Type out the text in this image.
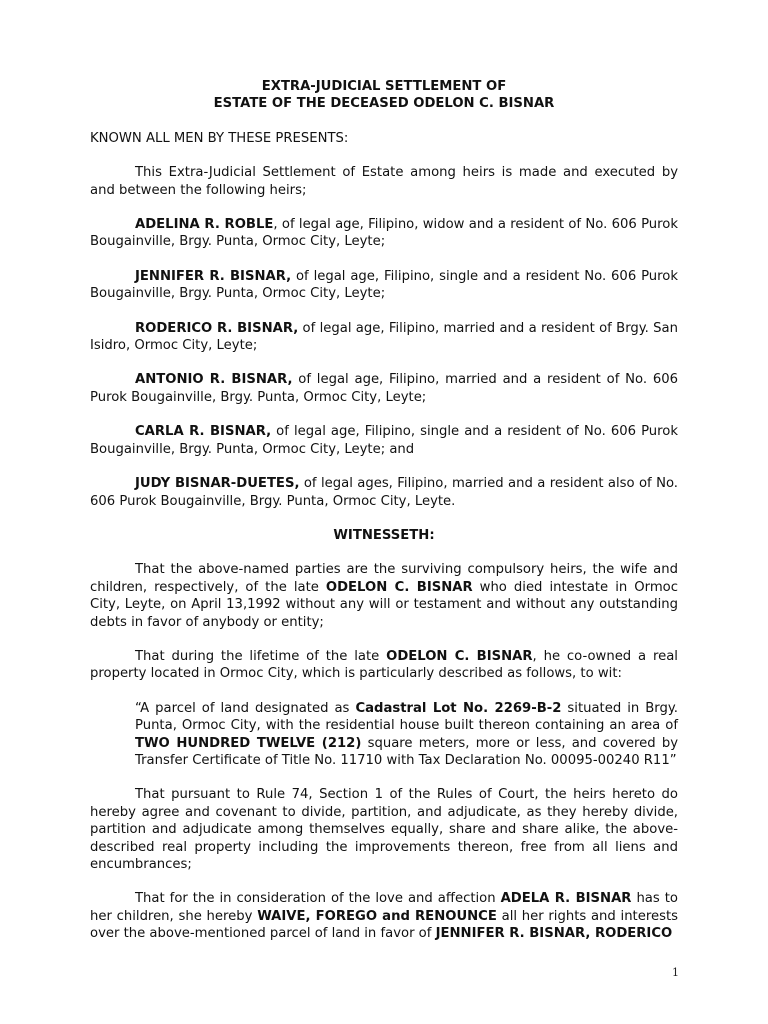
EXTRA-JUDICIAL SETTLEMENT OF

ESTATE OF THE DECEASED ODELON C. BISNAR

KNOWN ALL MEN BY THESE PRESENTS:

This Extra-Judicial Settlement of Estate among heirs is made and executed by and between the following heirs;

ADELINA R. ROBLE, of legal age, Filipino, widow and a resident of No. 606 Purok Bougainville, Brgy. Punta, Ormoc City, Leyte;

JENNIFER R. BISNAR, of legal age, Filipino, single and a resident No. 606 Purok Bougainville, Brgy. Punta, Ormoc City, Leyte;

RODERICO R. BISNAR, of legal age, Filipino, married and a resident of Brgy. San Isidro, Ormoc City, Leyte;

ANTONIO R. BISNAR, of legal age, Filipino, married and a resident of No. 606 Purok Bougainville, Brgy. Punta, Ormoc City, Leyte;

CARLA R. BISNAR, of legal age, Filipino, single and a resident of No. 606 Purok Bougainville, Brgy. Punta, Ormoc City, Leyte; and

JUDY BISNAR-DUETES, of legal ages, Filipino, married and a resident also of No. 606 Purok Bougainville, Brgy. Punta, Ormoc City, Leyte.

WITNESSETH:

That the above-named parties are the surviving compulsory heirs, the wife and children, respectively, of the late ODELON C. BISNAR who died intestate in Ormoc City, Leyte, on April 13,1992 without any will or testament and without any outstanding debts in favor of anybody or entity;

That during the lifetime of the late ODELON C. BISNAR, he co-owned a real property located in Ormoc City, which is particularly described as follows, to wit:

“A parcel of land designated as Cadastral Lot No. 2269-B-2 situated in Brgy. Punta, Ormoc City, with the residential house built thereon containing an area of TWO HUNDRED TWELVE (212) square meters, more or less, and covered by Transfer Certificate of Title No. 11710 with Tax Declaration No. 00095-00240 R11”

That pursuant to Rule 74, Section 1 of the Rules of Court, the heirs hereto do hereby agree and covenant to divide, partition, and adjudicate, as they hereby divide, partition and adjudicate among themselves equally, share and share alike, the above-described real property including the improvements thereon, free from all liens and encumbrances;

That for the in consideration of the love and affection ADELA R. BISNAR has to her children, she hereby WAIVE, FOREGO and RENOUNCE all her rights and interests over the above-mentioned parcel of land in favor of JENNIFER R. BISNAR, RODERICO

1
